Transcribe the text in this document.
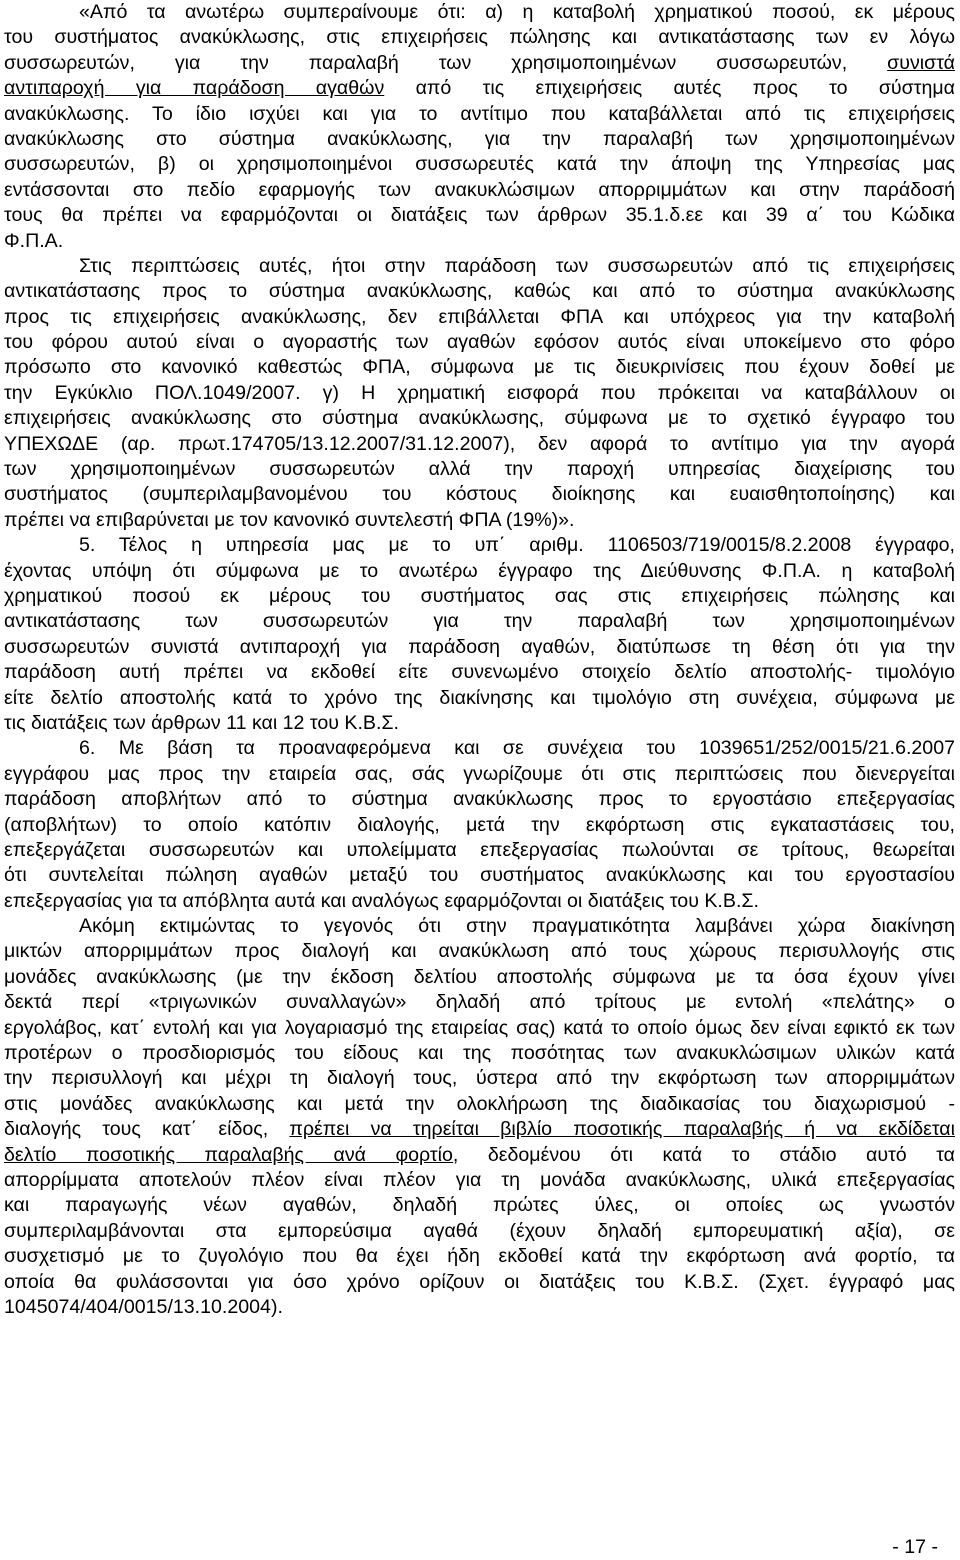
«Από τα ανωτέρω συμπεραίνουμε ότι: α) η καταβολή χρηματικού ποσού, εκ μέρους
του συστήματος ανακύκλωσης, στις επιχειρήσεις πώλησης και αντικατάστασης των εν λόγω
συσσωρευτών, για την παραλαβή των χρησιμοποιημένων συσσωρευτών, συνιστά
αντιπαροχή για παράδοση αγαθών από τις επιχειρήσεις αυτές προς το σύστημα
ανακύκλωσης. Το ίδιο ισχύει και για το αντίτιμο που καταβάλλεται από τις επιχειρήσεις
ανακύκλωσης στο σύστημα ανακύκλωσης, για την παραλαβή των χρησιμοποιημένων
συσσωρευτών, β) οι χρησιμοποιημένοι συσσωρευτές κατά την άποψη της Υπηρεσίας μας
εντάσσονται στο πεδίο εφαρμογής των ανακυκλώσιμων απορριμμάτων και στην παράδοσή
τους θα πρέπει να εφαρμόζονται οι διατάξεις των άρθρων 35.1.δ.εε και 39 α΄ του Κώδικα
Φ.Π.Α.
Στις περιπτώσεις αυτές, ήτοι στην παράδοση των συσσωρευτών από τις επιχειρήσεις
αντικατάστασης προς το σύστημα ανακύκλωσης, καθώς και από το σύστημα ανακύκλωσης
προς τις επιχειρήσεις ανακύκλωσης, δεν επιβάλλεται ΦΠΑ και υπόχρεος για την καταβολή
του φόρου αυτού είναι ο αγοραστής των αγαθών εφόσον αυτός είναι υποκείμενο στο φόρο
πρόσωπο στο κανονικό καθεστώς ΦΠΑ, σύμφωνα με τις διευκρινίσεις που έχουν δοθεί με
την Εγκύκλιο ΠΟΛ.1049/2007. γ) Η χρηματική εισφορά που πρόκειται να καταβάλλουν οι
επιχειρήσεις ανακύκλωσης στο σύστημα ανακύκλωσης, σύμφωνα με το σχετικό έγγραφο του
ΥΠΕΧΩΔΕ (αρ. πρωτ.174705/13.12.2007/31.12.2007), δεν αφορά το αντίτιμο για την αγορά
των χρησιμοποιημένων συσσωρευτών αλλά την παροχή υπηρεσίας διαχείρισης του
συστήματος (συμπεριλαμβανομένου του κόστους διοίκησης και ευαισθητοποίησης) και
πρέπει να επιβαρύνεται με τον κανονικό συντελεστή ΦΠΑ (19%)».
5. Τέλος η υπηρεσία μας με το υπ΄ αριθμ. 1106503/719/0015/8.2.2008 έγγραφο,
έχοντας υπόψη ότι σύμφωνα με το ανωτέρω έγγραφο της Διεύθυνσης Φ.Π.Α. η καταβολή
χρηματικού ποσού εκ μέρους του συστήματος σας στις επιχειρήσεις πώλησης και
αντικατάστασης των συσσωρευτών για την παραλαβή των χρησιμοποιημένων
συσσωρευτών συνιστά αντιπαροχή για παράδοση αγαθών, διατύπωσε τη θέση ότι για την
παράδοση αυτή πρέπει να εκδοθεί είτε συνενωμένο στοιχείο δελτίο αποστολής- τιμολόγιο
είτε δελτίο αποστολής κατά το χρόνο της διακίνησης και τιμολόγιο στη συνέχεια, σύμφωνα με
τις διατάξεις των άρθρων 11 και 12 του Κ.Β.Σ.
6. Με βάση τα προαναφερόμενα και σε συνέχεια του 1039651/252/0015/21.6.2007
εγγράφου μας προς την εταιρεία σας, σάς γνωρίζουμε ότι στις περιπτώσεις που διενεργείται
παράδοση αποβλήτων από το σύστημα ανακύκλωσης προς το εργοστάσιο επεξεργασίας
(αποβλήτων) το οποίο κατόπιν διαλογής, μετά την εκφόρτωση στις εγκαταστάσεις του,
επεξεργάζεται συσσωρευτών και υπολείμματα επεξεργασίας πωλούνται σε τρίτους, θεωρείται
ότι συντελείται πώληση αγαθών μεταξύ του συστήματος ανακύκλωσης και του εργοστασίου
επεξεργασίας για τα απόβλητα αυτά και αναλόγως εφαρμόζονται οι διατάξεις του Κ.Β.Σ.
Ακόμη εκτιμώντας το γεγονός ότι στην πραγματικότητα λαμβάνει χώρα διακίνηση
μικτών απορριμμάτων προς διαλογή και ανακύκλωση από τους χώρους περισυλλογής στις
μονάδες ανακύκλωσης (με την έκδοση δελτίου αποστολής σύμφωνα με τα όσα έχουν γίνει
δεκτά περί «τριγωνικών συναλλαγών» δηλαδή από τρίτους με εντολή «πελάτης» ο
εργολάβος, κατ΄ εντολή και για λογαριασμό της εταιρείας σας) κατά το οποίο όμως δεν είναι εφικτό εκ των
προτέρων ο προσδιορισμός του είδους και της ποσότητας των ανακυκλώσιμων υλικών κατά
την περισυλλογή και μέχρι τη διαλογή τους, ύστερα από την εκφόρτωση των απορριμμάτων
στις μονάδες ανακύκλωσης και μετά την ολοκλήρωση της διαδικασίας του διαχωρισμού -
διαλογής τους κατ΄ είδος, πρέπει να τηρείται βιβλίο ποσοτικής παραλαβής ή να εκδίδεται
δελτίο ποσοτικής παραλαβής ανά φορτίο, δεδομένου ότι κατά το στάδιο αυτό τα
απορρίμματα αποτελούν πλέον είναι πλέον για τη μονάδα ανακύκλωσης, υλικά επεξεργασίας
και παραγωγής νέων αγαθών, δηλαδή πρώτες ύλες, οι οποίες ως γνωστόν
συμπεριλαμβάνονται στα εμπορεύσιμα αγαθά (έχουν δηλαδή εμπορευματική αξία), σε
συσχετισμό με το ζυγολόγιο που θα έχει ήδη εκδοθεί κατά την εκφόρτωση ανά φορτίο, τα
οποία θα φυλάσσονται για όσο χρόνο ορίζουν οι διατάξεις του Κ.Β.Σ. (Σχετ. έγγραφό μας
1045074/404/0015/13.10.2004).
- 17 -
